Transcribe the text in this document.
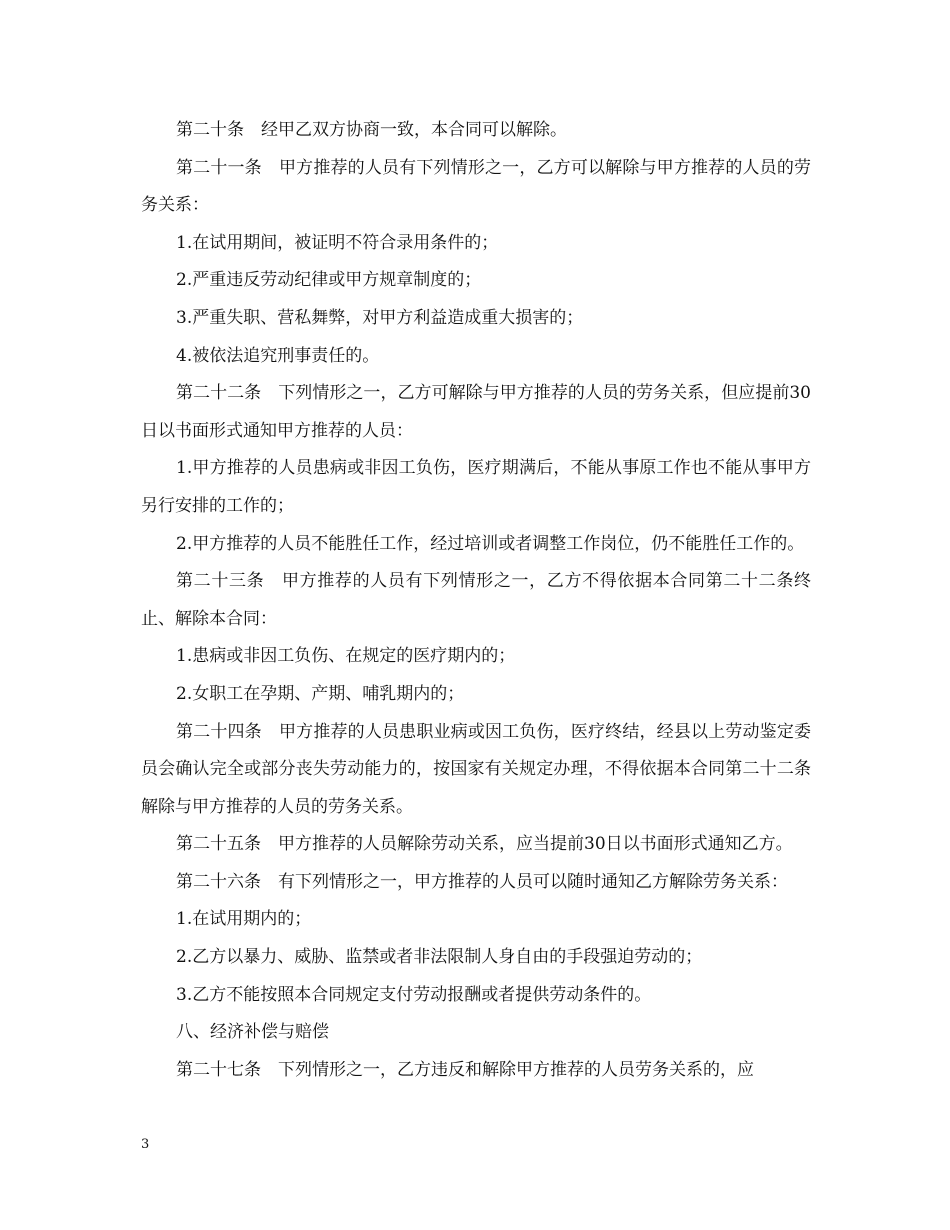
第二十条　经甲乙双方协商一致，本合同可以解除。

第二十一条　甲方推荐的人员有下列情形之一，乙方可以解除与甲方推荐的人员的劳务关系：

1.在试用期间，被证明不符合录用条件的；

2.严重违反劳动纪律或甲方规章制度的；

3.严重失职、营私舞弊，对甲方利益造成重大损害的；

4.被依法追究刑事责任的。

第二十二条　下列情形之一，乙方可解除与甲方推荐的人员的劳务关系，但应提前30日以书面形式通知甲方推荐的人员：

1.甲方推荐的人员患病或非因工负伤，医疗期满后，不能从事原工作也不能从事甲方另行安排的工作的；

2.甲方推荐的人员不能胜任工作，经过培训或者调整工作岗位，仍不能胜任工作的。

第二十三条　甲方推荐的人员有下列情形之一，乙方不得依据本合同第二十二条终止、解除本合同：

1.患病或非因工负伤、在规定的医疗期内的；

2.女职工在孕期、产期、哺乳期内的；

第二十四条　甲方推荐的人员患职业病或因工负伤，医疗终结，经县以上劳动鉴定委员会确认完全或部分丧失劳动能力的，按国家有关规定办理，不得依据本合同第二十二条解除与甲方推荐的人员的劳务关系。

第二十五条　甲方推荐的人员解除劳动关系，应当提前30日以书面形式通知乙方。

第二十六条　有下列情形之一，甲方推荐的人员可以随时通知乙方解除劳务关系：

1.在试用期内的；

2.乙方以暴力、威胁、监禁或者非法限制人身自由的手段强迫劳动的；

3.乙方不能按照本合同规定支付劳动报酬或者提供劳动条件的。

八、经济补偿与赔偿

第二十七条　下列情形之一，乙方违反和解除甲方推荐的人员劳务关系的，应

3
